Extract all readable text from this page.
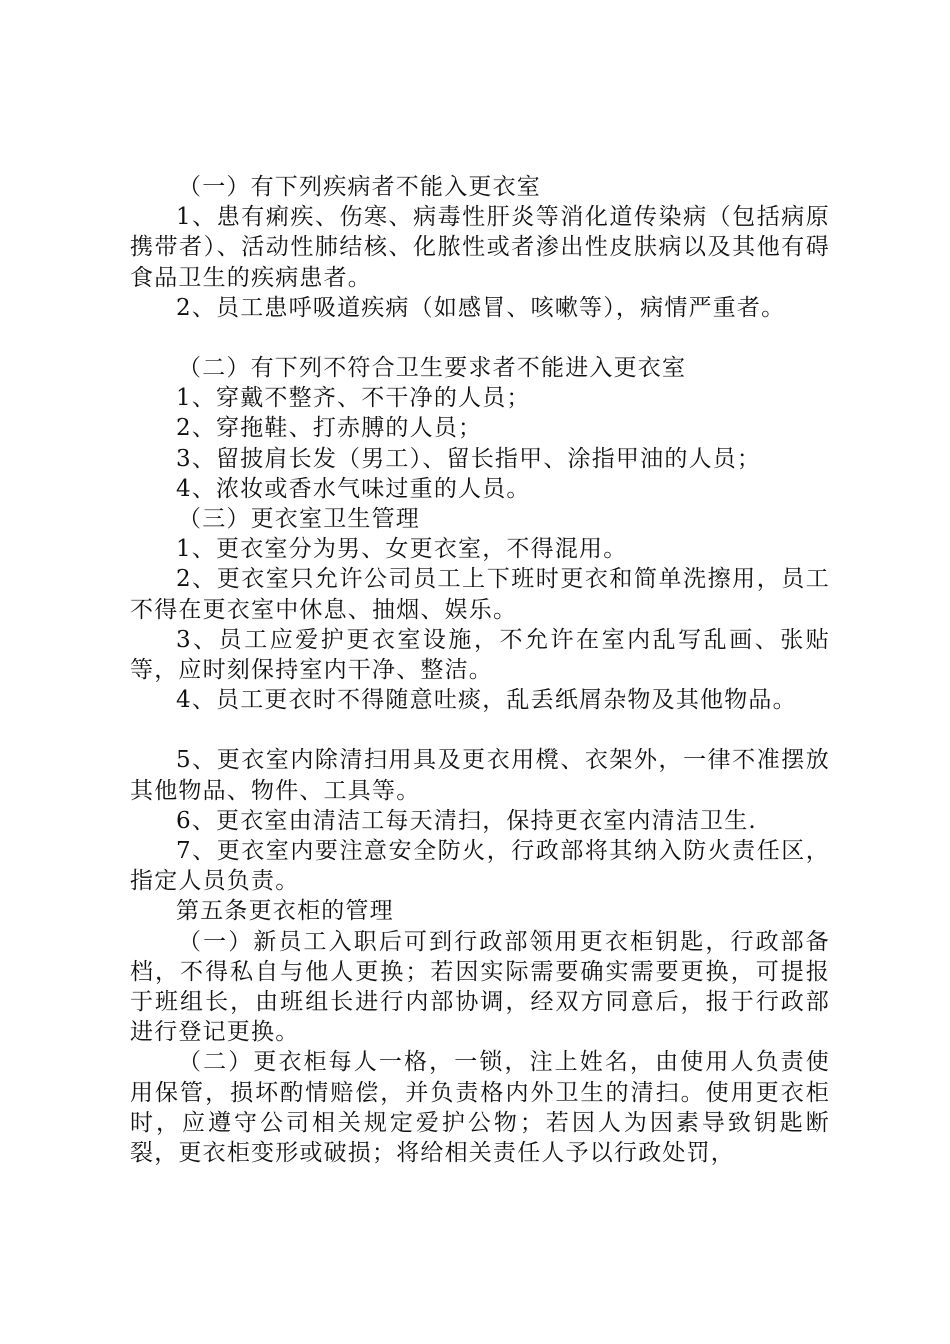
（一）有下列疾病者不能入更衣室

1、患有痢疾、伤寒、病毒性肝炎等消化道传染病（包括病原携带者）、活动性肺结核、化脓性或者渗出性皮肤病以及其他有碍食品卫生的疾病患者。

2、员工患呼吸道疾病（如感冒、咳嗽等），病情严重者。

（二）有下列不符合卫生要求者不能进入更衣室

1、穿戴不整齐、不干净的人员；

2、穿拖鞋、打赤膊的人员；

3、留披肩长发（男工）、留长指甲、涂指甲油的人员；

4、浓妆或香水气味过重的人员。

（三）更衣室卫生管理

1、更衣室分为男、女更衣室，不得混用。

2、更衣室只允许公司员工上下班时更衣和简单洗擦用，员工不得在更衣室中休息、抽烟、娱乐。

3、员工应爱护更衣室设施，不允许在室内乱写乱画、张贴等，应时刻保持室内干净、整洁。

4、员工更衣时不得随意吐痰，乱丢纸屑杂物及其他物品。

5、更衣室内除清扫用具及更衣用櫈、衣架外，一律不准摆放其他物品、物件、工具等。

6、更衣室由清洁工每天清扫，保持更衣室内清洁卫生.

7、更衣室内要注意安全防火，行政部将其纳入防火责任区，指定人员负责。

第五条更衣柜的管理

（一）新员工入职后可到行政部领用更衣柜钥匙，行政部备档，不得私自与他人更换；若因实际需要确实需要更换，可提报于班组长，由班组长进行内部协调，经双方同意后，报于行政部进行登记更换。

（二）更衣柜每人一格，一锁，注上姓名，由使用人负责使用保管，损坏酌情赔偿，并负责格内外卫生的清扫。使用更衣柜时，应遵守公司相关规定爱护公物；若因人为因素导致钥匙断裂，更衣柜变形或破损；将给相关责任人予以行政处罚，
